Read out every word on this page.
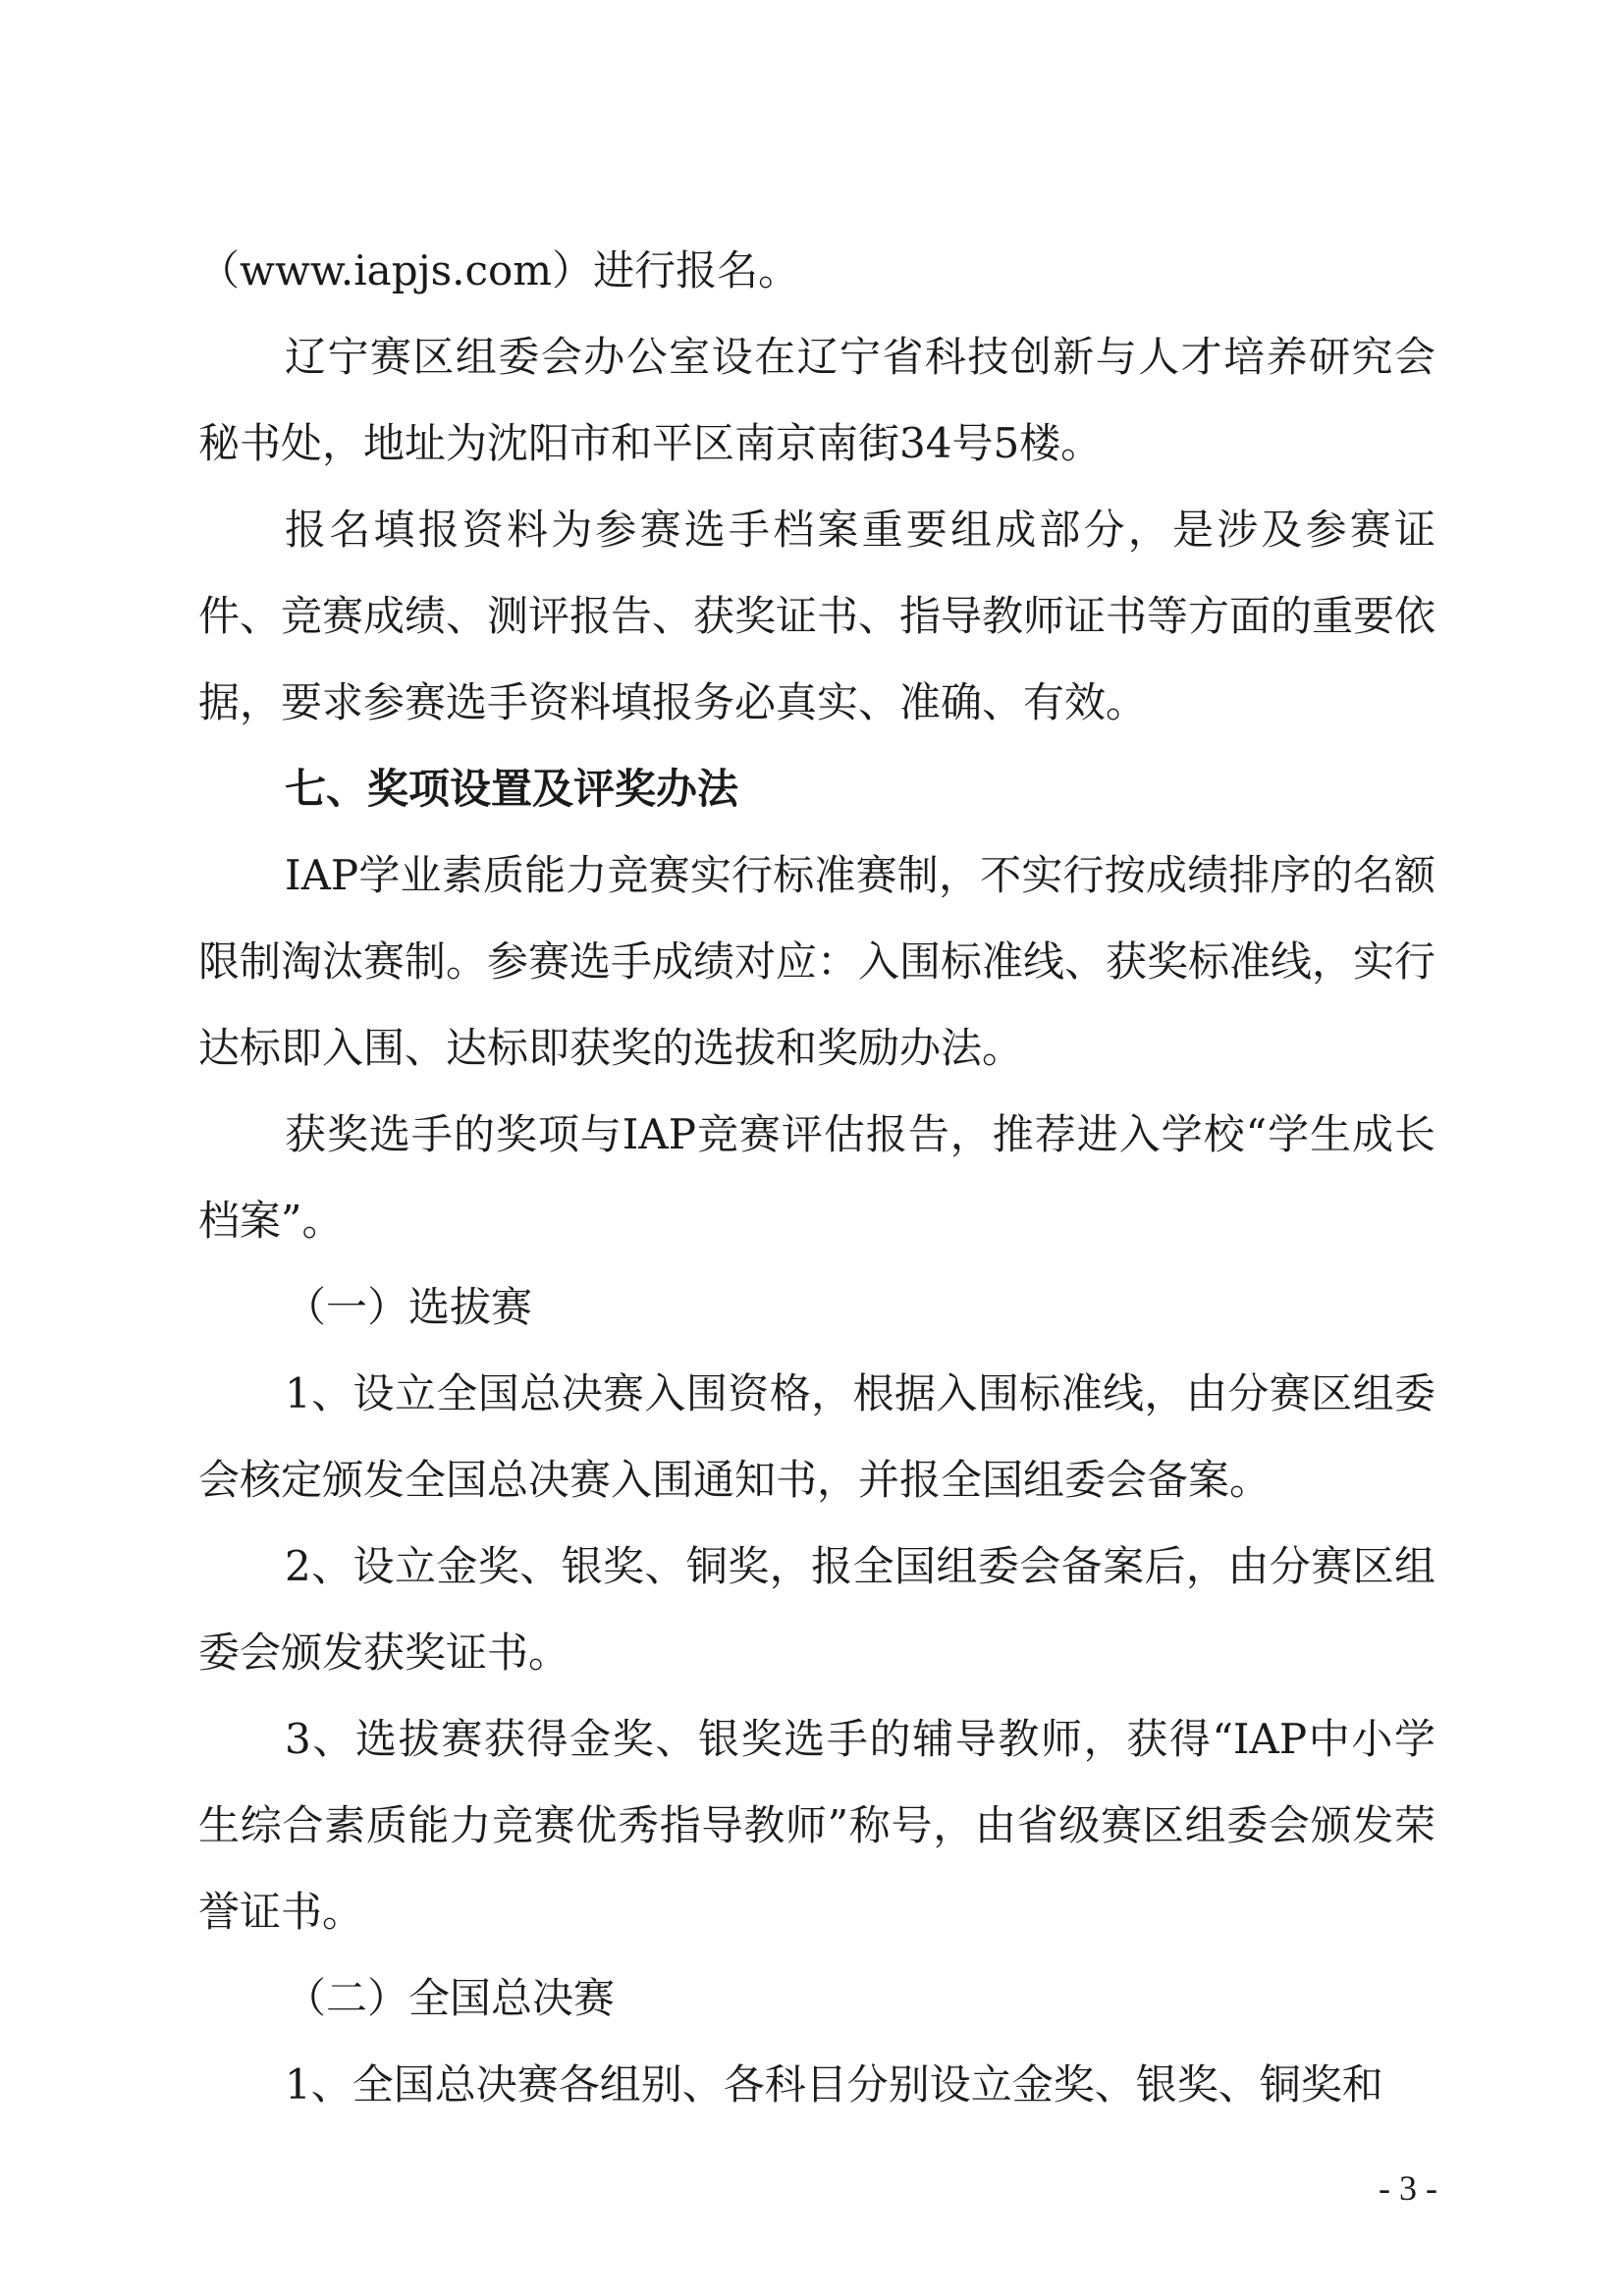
（www.iapjs.com）进行报名。

辽宁赛区组委会办公室设在辽宁省科技创新与人才培养研究会秘书处，地址为沈阳市和平区南京南街34号5楼。

报名填报资料为参赛选手档案重要组成部分，是涉及参赛证件、竞赛成绩、测评报告、获奖证书、指导教师证书等方面的重要依据，要求参赛选手资料填报务必真实、准确、有效。

七、奖项设置及评奖办法

IAP学业素质能力竞赛实行标准赛制，不实行按成绩排序的名额限制淘汰赛制。参赛选手成绩对应：入围标准线、获奖标准线，实行达标即入围、达标即获奖的选拔和奖励办法。

获奖选手的奖项与IAP竞赛评估报告，推荐进入学校“学生成长档案”。

（一）选拔赛

1、设立全国总决赛入围资格，根据入围标准线，由分赛区组委会核定颁发全国总决赛入围通知书，并报全国组委会备案。

2、设立金奖、银奖、铜奖，报全国组委会备案后，由分赛区组委会颁发获奖证书。

3、选拔赛获得金奖、银奖选手的辅导教师，获得“IAP中小学生综合素质能力竞赛优秀指导教师”称号，由省级赛区组委会颁发荣誉证书。

（二）全国总决赛

1、全国总决赛各组别、各科目分别设立金奖、银奖、铜奖和

- 3 -
